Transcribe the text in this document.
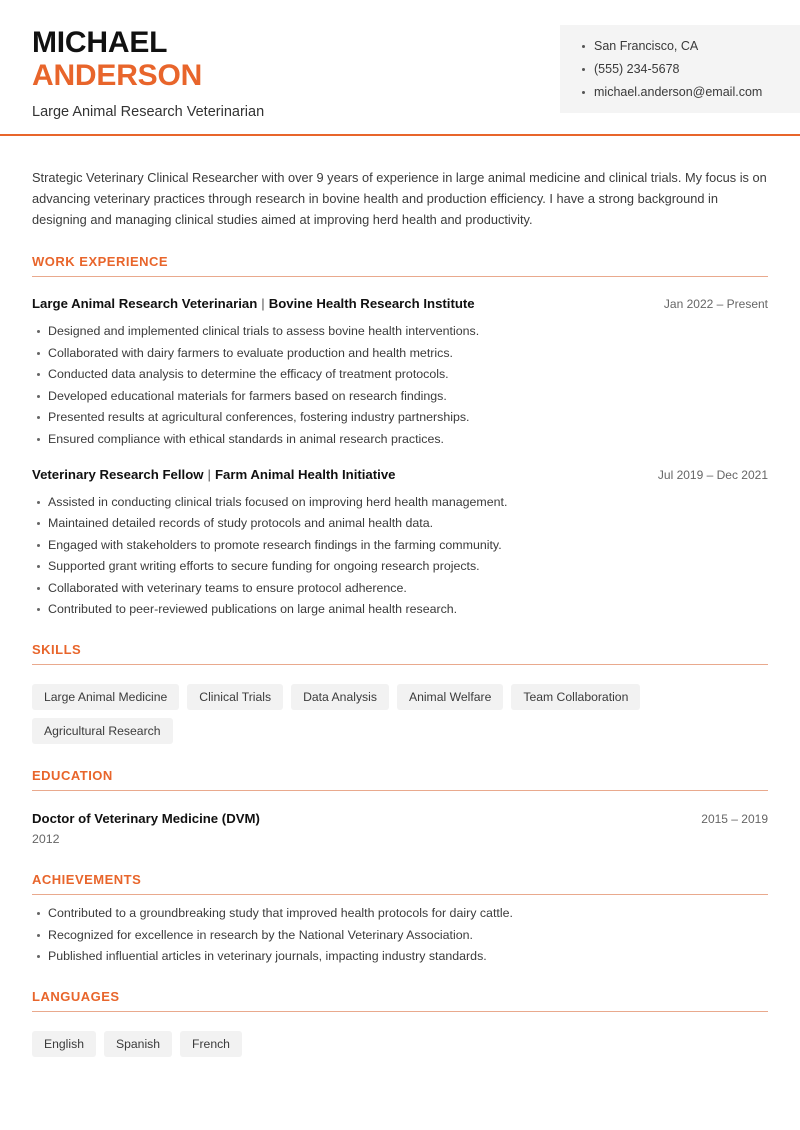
MICHAEL
ANDERSON
Large Animal Research Veterinarian
San Francisco, CA
(555) 234-5678
michael.anderson@email.com

Strategic Veterinary Clinical Researcher with over 9 years of experience in large animal medicine and clinical trials. My focus is on advancing veterinary practices through research in bovine health and production efficiency. I have a strong background in designing and managing clinical studies aimed at improving herd health and productivity.

WORK EXPERIENCE
Large Animal Research Veterinarian | Bovine Health Research Institute	Jan 2022 – Present
Designed and implemented clinical trials to assess bovine health interventions.
Collaborated with dairy farmers to evaluate production and health metrics.
Conducted data analysis to determine the efficacy of treatment protocols.
Developed educational materials for farmers based on research findings.
Presented results at agricultural conferences, fostering industry partnerships.
Ensured compliance with ethical standards in animal research practices.
Veterinary Research Fellow | Farm Animal Health Initiative	Jul 2019 – Dec 2021
Assisted in conducting clinical trials focused on improving herd health management.
Maintained detailed records of study protocols and animal health data.
Engaged with stakeholders to promote research findings in the farming community.
Supported grant writing efforts to secure funding for ongoing research projects.
Collaborated with veterinary teams to ensure protocol adherence.
Contributed to peer-reviewed publications on large animal health research.
SKILLS
Large Animal Medicine	Clinical Trials	Data Analysis	Animal Welfare	Team Collaboration
Agricultural Research
EDUCATION
Doctor of Veterinary Medicine (DVM)	2015 – 2019
2012
ACHIEVEMENTS
Contributed to a groundbreaking study that improved health protocols for dairy cattle.
Recognized for excellence in research by the National Veterinary Association.
Published influential articles in veterinary journals, impacting industry standards.
LANGUAGES
English	Spanish	French
